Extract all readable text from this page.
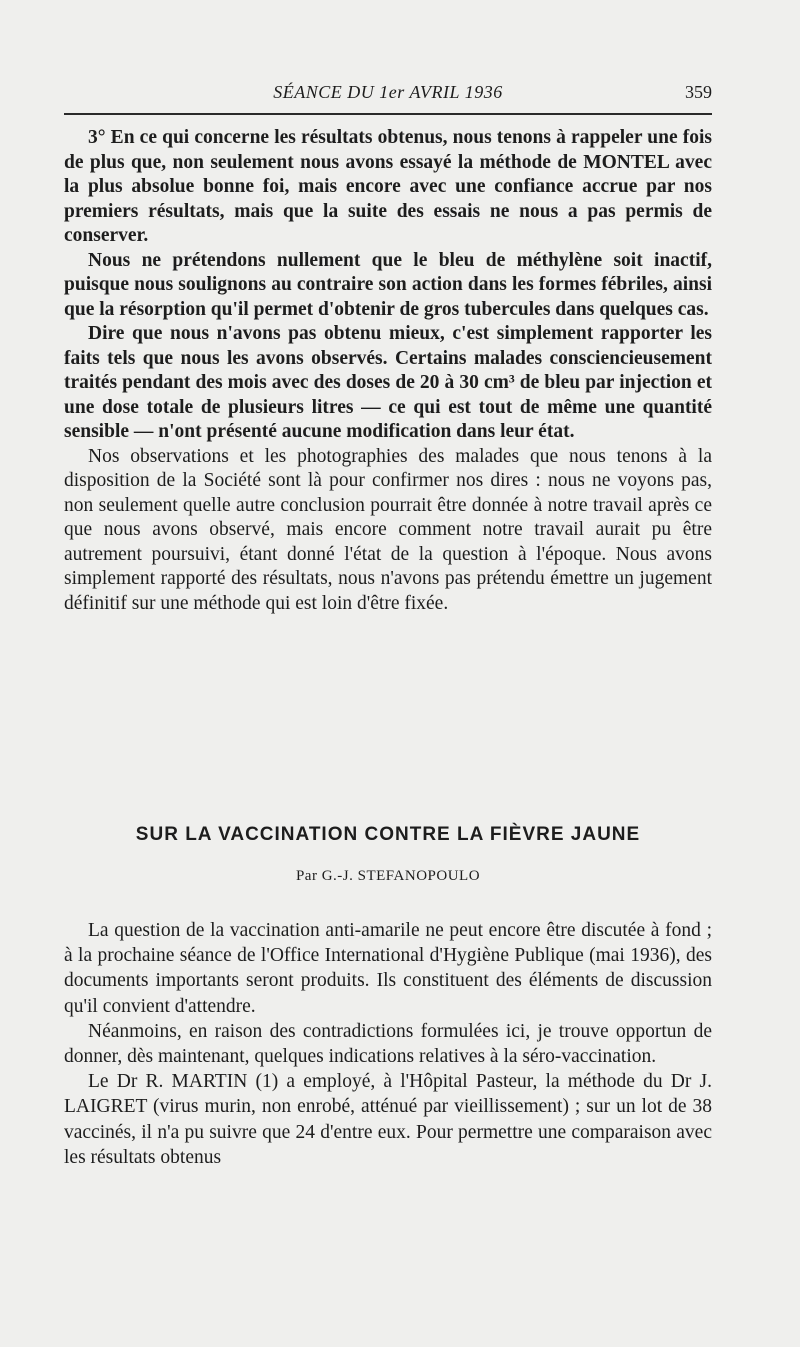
SÉANCE DU 1er AVRIL 1936	359

3° En ce qui concerne les résultats obtenus, nous tenons à rappeler une fois de plus que, non seulement nous avons essayé la méthode de MONTEL avec la plus absolue bonne foi, mais encore avec une confiance accrue par nos premiers résultats, mais que la suite des essais ne nous a pas permis de conserver.

Nous ne prétendons nullement que le bleu de méthylène soit inactif, puisque nous soulignons au contraire son action dans les formes fébriles, ainsi que la résorption qu'il permet d'obtenir de gros tubercules dans quelques cas.

Dire que nous n'avons pas obtenu mieux, c'est simplement rapporter les faits tels que nous les avons observés. Certains malades consciencieusement traités pendant des mois avec des doses de 20 à 30 cm³ de bleu par injection et une dose totale de plusieurs litres — ce qui est tout de même une quantité sensible — n'ont présenté aucune modification dans leur état.

Nos observations et les photographies des malades que nous tenons à la disposition de la Société sont là pour confirmer nos dires : nous ne voyons pas, non seulement quelle autre conclusion pourrait être donnée à notre travail après ce que nous avons observé, mais encore comment notre travail aurait pu être autrement poursuivi, étant donné l'état de la question à l'époque. Nous avons simplement rapporté des résultats, nous n'avons pas prétendu émettre un jugement définitif sur une méthode qui est loin d'être fixée.

SUR LA VACCINATION CONTRE LA FIÈVRE JAUNE
Par G.-J. STEFANOPOULO

La question de la vaccination anti-amarile ne peut encore être discutée à fond ; à la prochaine séance de l'Office International d'Hygiène Publique (mai 1936), des documents importants seront produits. Ils constituent des éléments de discussion qu'il convient d'attendre.

Néanmoins, en raison des contradictions formulées ici, je trouve opportun de donner, dès maintenant, quelques indications relatives à la séro-vaccination.

Le Dr R. MARTIN (1) a employé, à l'Hôpital Pasteur, la méthode du Dr J. LAIGRET (virus murin, non enrobé, atténué par vieillissement) ; sur un lot de 38 vaccinés, il n'a pu suivre que 24 d'entre eux. Pour permettre une comparaison avec les résultats obtenus
